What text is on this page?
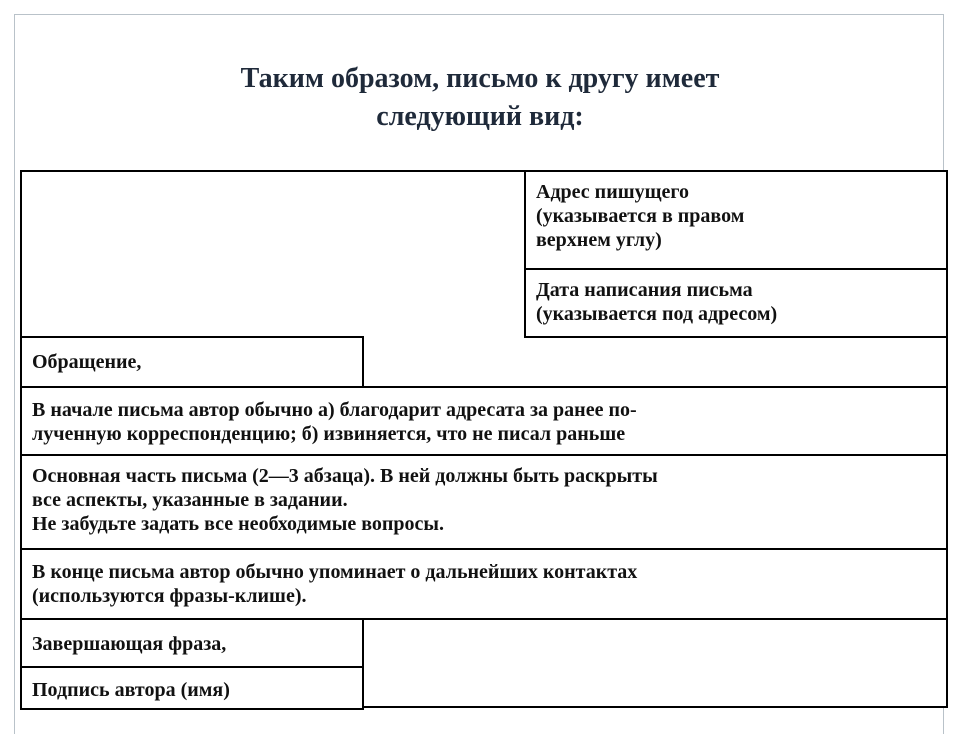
Таким образом, письмо к другу имеет
следующий вид:
Адрес пишущего
(указывается в правом
верхнем углу)
Дата написания письма
(указывается под адресом)
Обращение,
В начале письма автор обычно а) благодарит адресата за ранее по-
лученную корреспонденцию; б) извиняется, что не писал раньше
Основная часть письма (2—3 абзаца). В ней должны быть раскрыты
все аспекты, указанные в задании.
Не забудьте задать все необходимые вопросы.
В конце письма автор обычно упоминает о дальнейших контактах
(используются фразы-клише).
Завершающая фраза,
Подпись автора (имя)
